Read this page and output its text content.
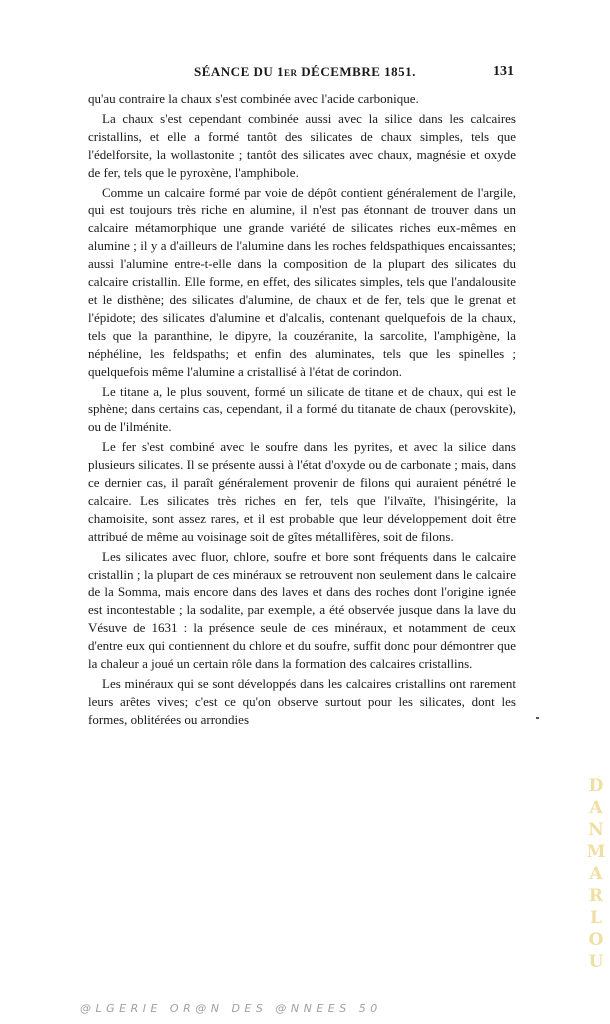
SÉANCE DU 1er DÉCEMBRE 1851.	131

qu'au contraire la chaux s'est combinée avec l'acide carbonique.

La chaux s'est cependant combinée aussi avec la silice dans les calcaires cristallins, et elle a formé tantôt des silicates de chaux simples, tels que l'édelforsite, la wollastonite ; tantôt des silicates avec chaux, magnésie et oxyde de fer, tels que le pyroxène, l'amphibole.

Comme un calcaire formé par voie de dépôt contient généralement de l'argile, qui est toujours très riche en alumine, il n'est pas étonnant de trouver dans un calcaire métamorphique une grande variété de silicates riches eux-mêmes en alumine ; il y a d'ailleurs de l'alumine dans les roches feldspathiques encaissantes; aussi l'alumine entre-t-elle dans la composition de la plupart des silicates du calcaire cristallin. Elle forme, en effet, des silicates simples, tels que l'andalousite et le disthène; des silicates d'alumine, de chaux et de fer, tels que le grenat et l'épidote; des silicates d'alumine et d'alcalis, contenant quelquefois de la chaux, tels que la paranthine, le dipyre, la couzéranite, la sarcolite, l'amphigène, la néphéline, les feldspaths; et enfin des aluminates, tels que les spinelles ; quelquefois même l'alumine a cristallisé à l'état de corindon.

Le titane a, le plus souvent, formé un silicate de titane et de chaux, qui est le sphène; dans certains cas, cependant, il a formé du titanate de chaux (perovskite), ou de l'ilménite.

Le fer s'est combiné avec le soufre dans les pyrites, et avec la silice dans plusieurs silicates. Il se présente aussi à l'état d'oxyde ou de carbonate ; mais, dans ce dernier cas, il paraît généralement provenir de filons qui auraient pénétré le calcaire. Les silicates très riches en fer, tels que l'ilvaïte, l'hisingérite, la chamoisite, sont assez rares, et il est probable que leur développement doit être attribué de même au voisinage soit de gîtes métallifères, soit de filons.

Les silicates avec fluor, chlore, soufre et bore sont fréquents dans le calcaire cristallin ; la plupart de ces minéraux se retrouvent non seulement dans le calcaire de la Somma, mais encore dans des laves et dans des roches dont l'origine ignée est incontestable ; la sodalite, par exemple, a été observée jusque dans la lave du Vésuve de 1631 : la présence seule de ces minéraux, et notamment de ceux d'entre eux qui contiennent du chlore et du soufre, suffit donc pour démontrer que la chaleur a joué un certain rôle dans la formation des calcaires cristallins.

Les minéraux qui se sont développés dans les calcaires cristallins ont rarement leurs arêtes vives; c'est ce qu'on observe surtout pour les silicates, dont les formes, oblitérées ou arrondies

DANMARLOU
@LGERIE OR@N DES @NNEES 50
